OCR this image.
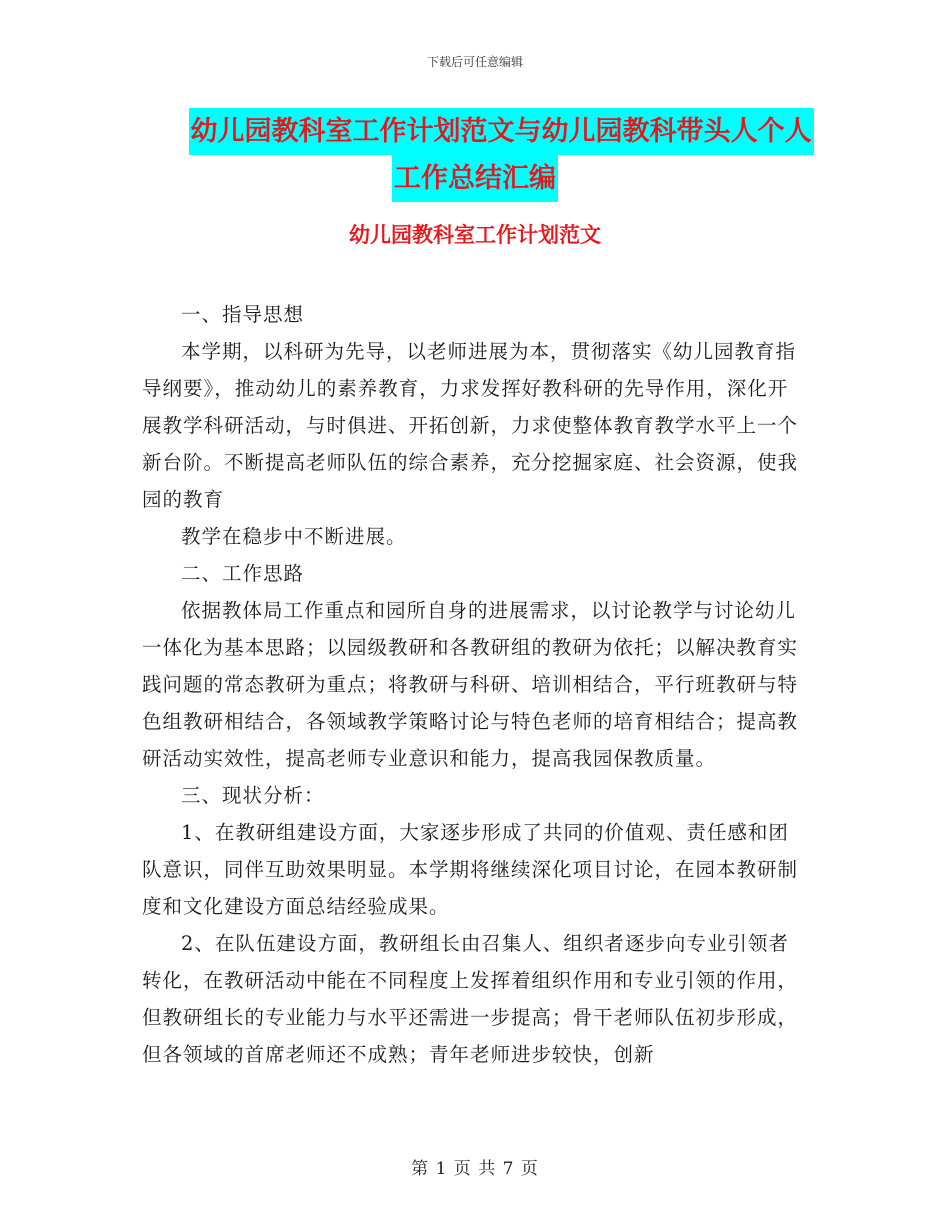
下载后可任意编辑
幼儿园教科室工作计划范文与幼儿园教科带头人个人
工作总结汇编
幼儿园教科室工作计划范文

一、指导思想

本学期，以科研为先导，以老师进展为本，贯彻落实《幼儿园教育指导纲要》，推动幼儿的素养教育，力求发挥好教科研的先导作用，深化开展教学科研活动，与时俱进、开拓创新，力求使整体教育教学水平上一个新台阶。不断提高老师队伍的综合素养，充分挖掘家庭、社会资源，使我园的教育

教学在稳步中不断进展。

二、工作思路

依据教体局工作重点和园所自身的进展需求，以讨论教学与讨论幼儿一体化为基本思路；以园级教研和各教研组的教研为依托；以解决教育实践问题的常态教研为重点；将教研与科研、培训相结合，平行班教研与特色组教研相结合，各领域教学策略讨论与特色老师的培育相结合；提高教研活动实效性，提高老师专业意识和能力，提高我园保教质量。

三、现状分析：

1、在教研组建设方面，大家逐步形成了共同的价值观、责任感和团队意识，同伴互助效果明显。本学期将继续深化项目讨论，在园本教研制度和文化建设方面总结经验成果。

2、在队伍建设方面，教研组长由召集人、组织者逐步向专业引领者转化，在教研活动中能在不同程度上发挥着组织作用和专业引领的作用，但教研组长的专业能力与水平还需进一步提高；骨干老师队伍初步形成，但各领域的首席老师还不成熟；青年老师进步较快，创新

第 1 页 共 7 页
